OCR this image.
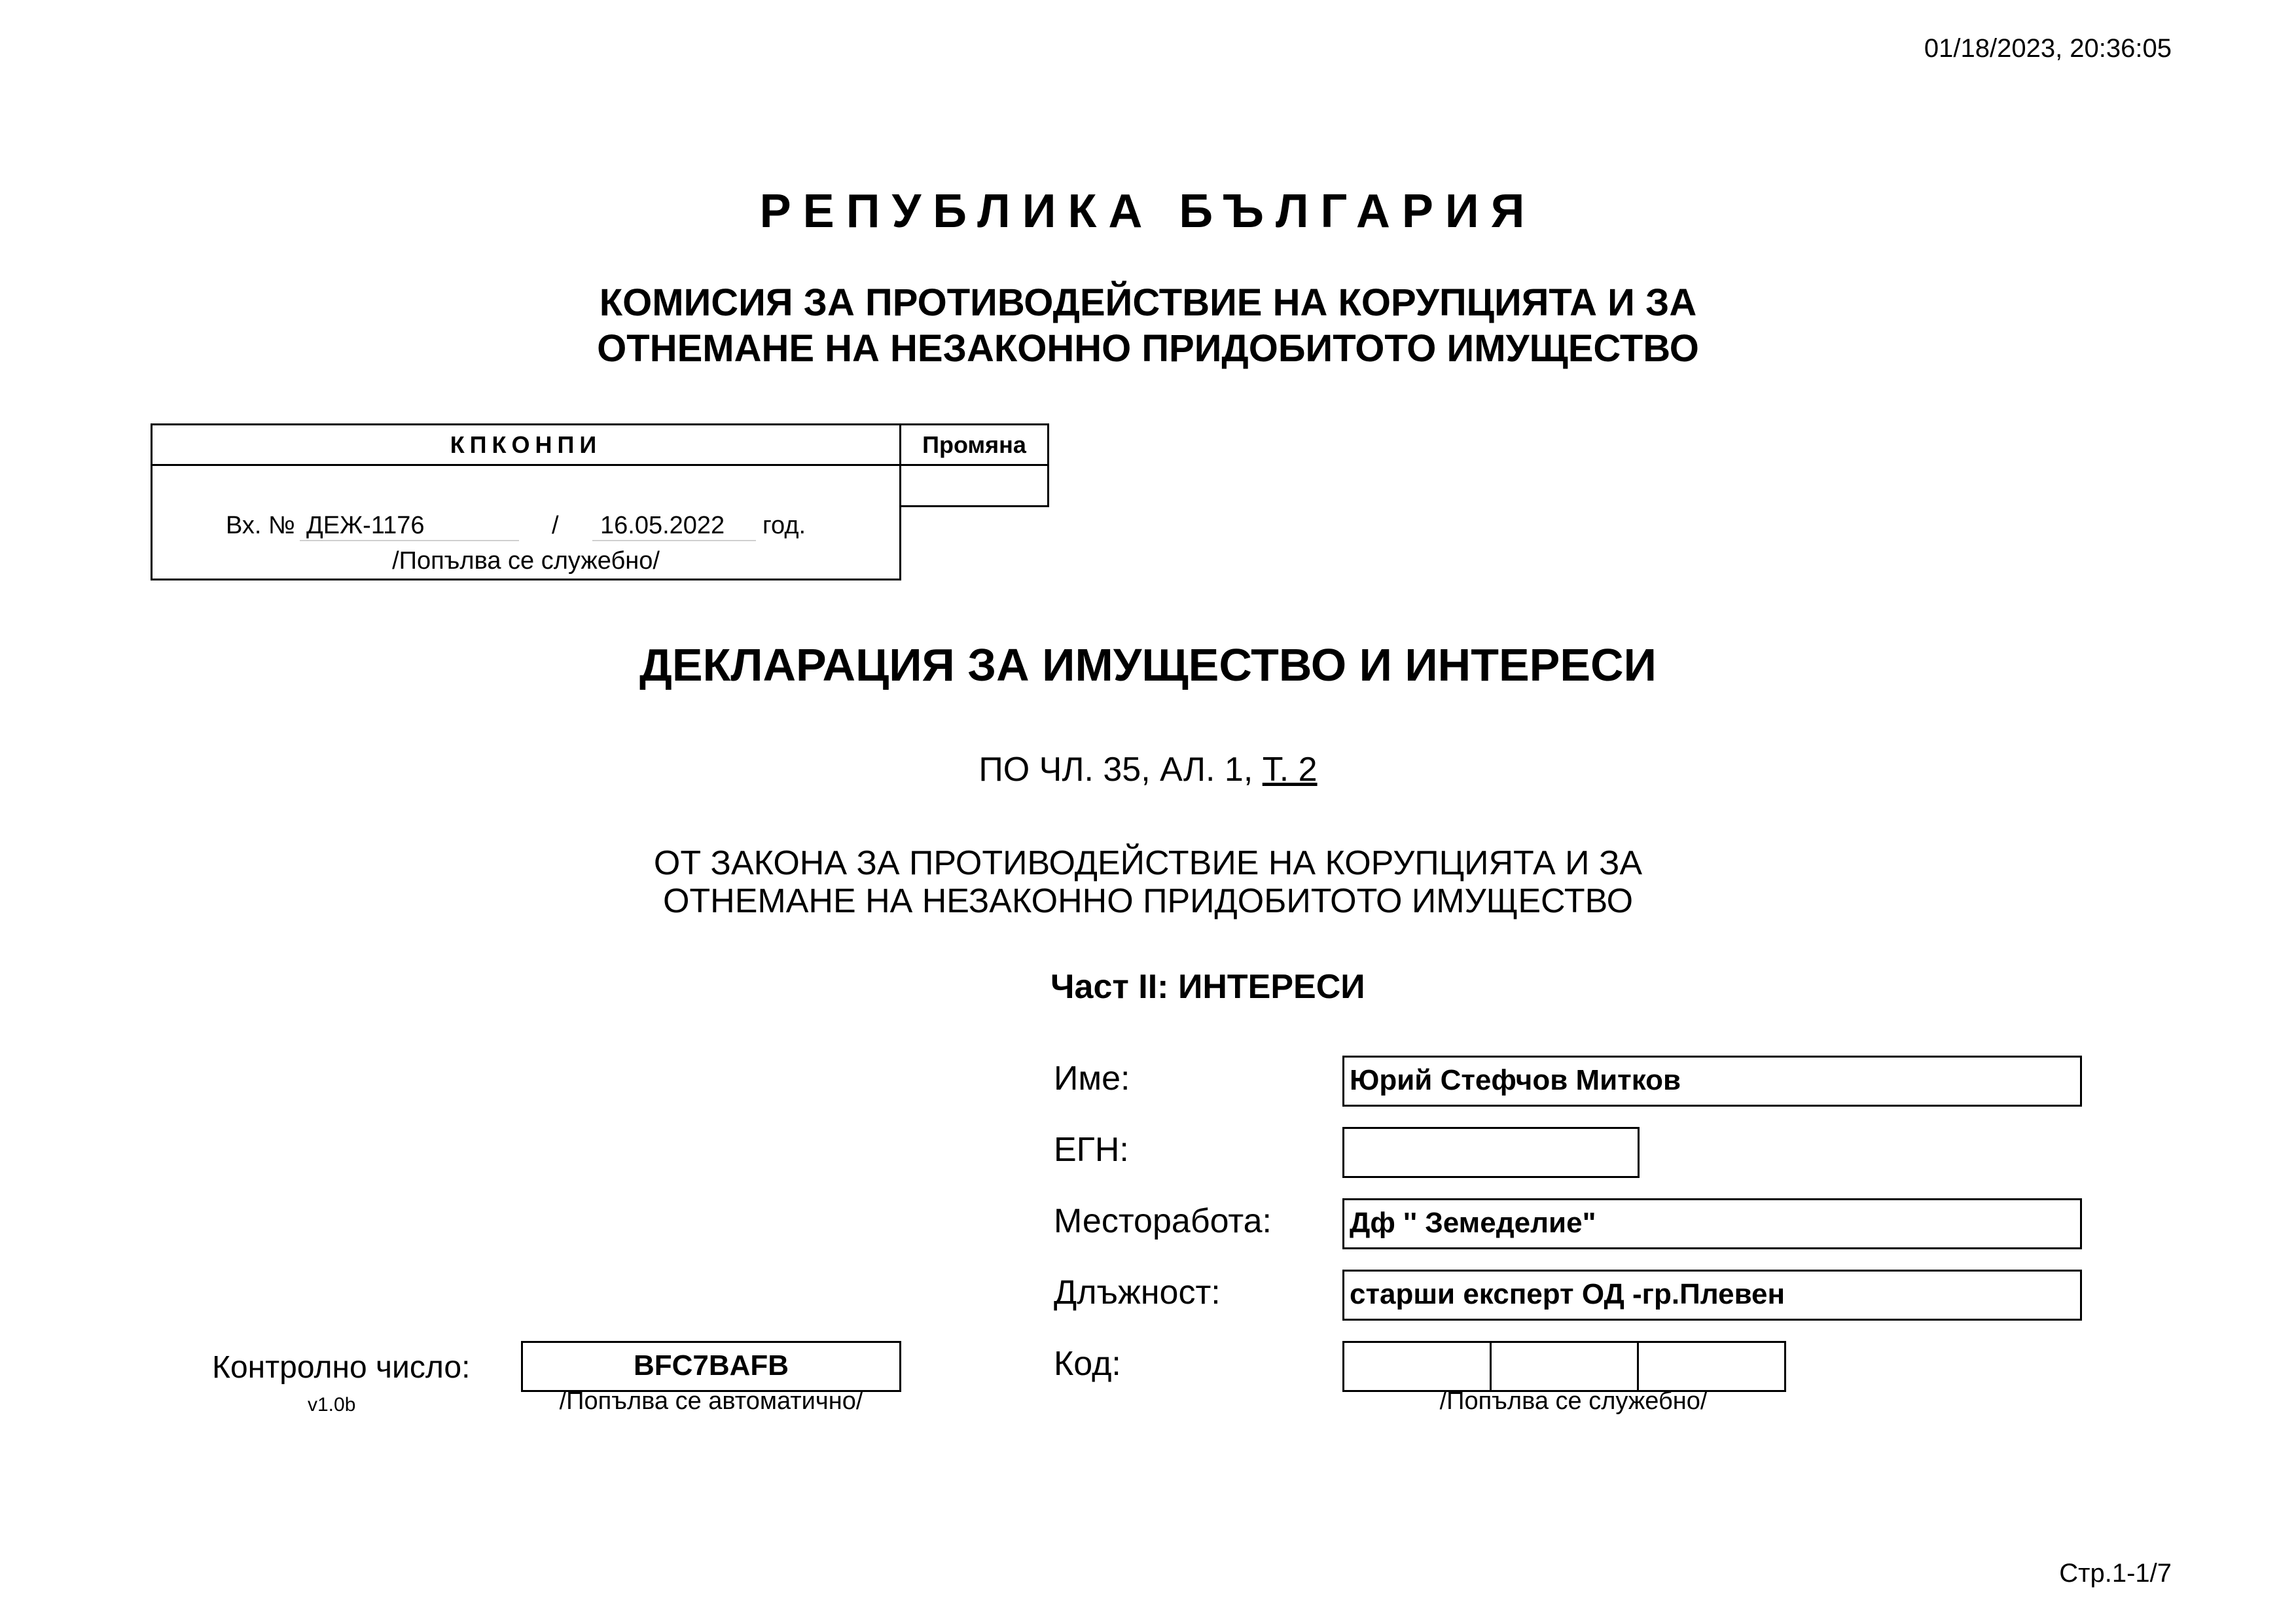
01/18/2023, 20:36:05
РЕПУБЛИКА БЪЛГАРИЯ
КОМИСИЯ ЗА ПРОТИВОДЕЙСТВИЕ НА КОРУПЦИЯТА И ЗА
ОТНЕМАНЕ НА НЕЗАКОННО ПРИДОБИТОТО ИМУЩЕСТВО
КПКОНПИ
Вх. № ДЕЖ-1176	/	16.05.2022	год.
/Попълва се служебно/
Промяна
ДЕКЛАРАЦИЯ ЗА ИМУЩЕСТВО И ИНТЕРЕСИ
ПО ЧЛ. 35, АЛ. 1, Т. 2
ОТ ЗАКОНА ЗА ПРОТИВОДЕЙСТВИЕ НА КОРУПЦИЯТА И ЗА
ОТНЕМАНЕ НА НЕЗАКОННО ПРИДОБИТОТО ИМУЩЕСТВО
Част II: ИНТЕРЕСИ
Име:	Юрий Стефчов Митков
ЕГН:
Месторабота:	Дф '' Земеделие"
Длъжност:	старши експерт ОД -гр.Плевен
Код:
/Попълва се служебно/
Контролно число:
v1.0b
BFC7BAFB
/Попълва се автоматично/
Стр.1-1/7
